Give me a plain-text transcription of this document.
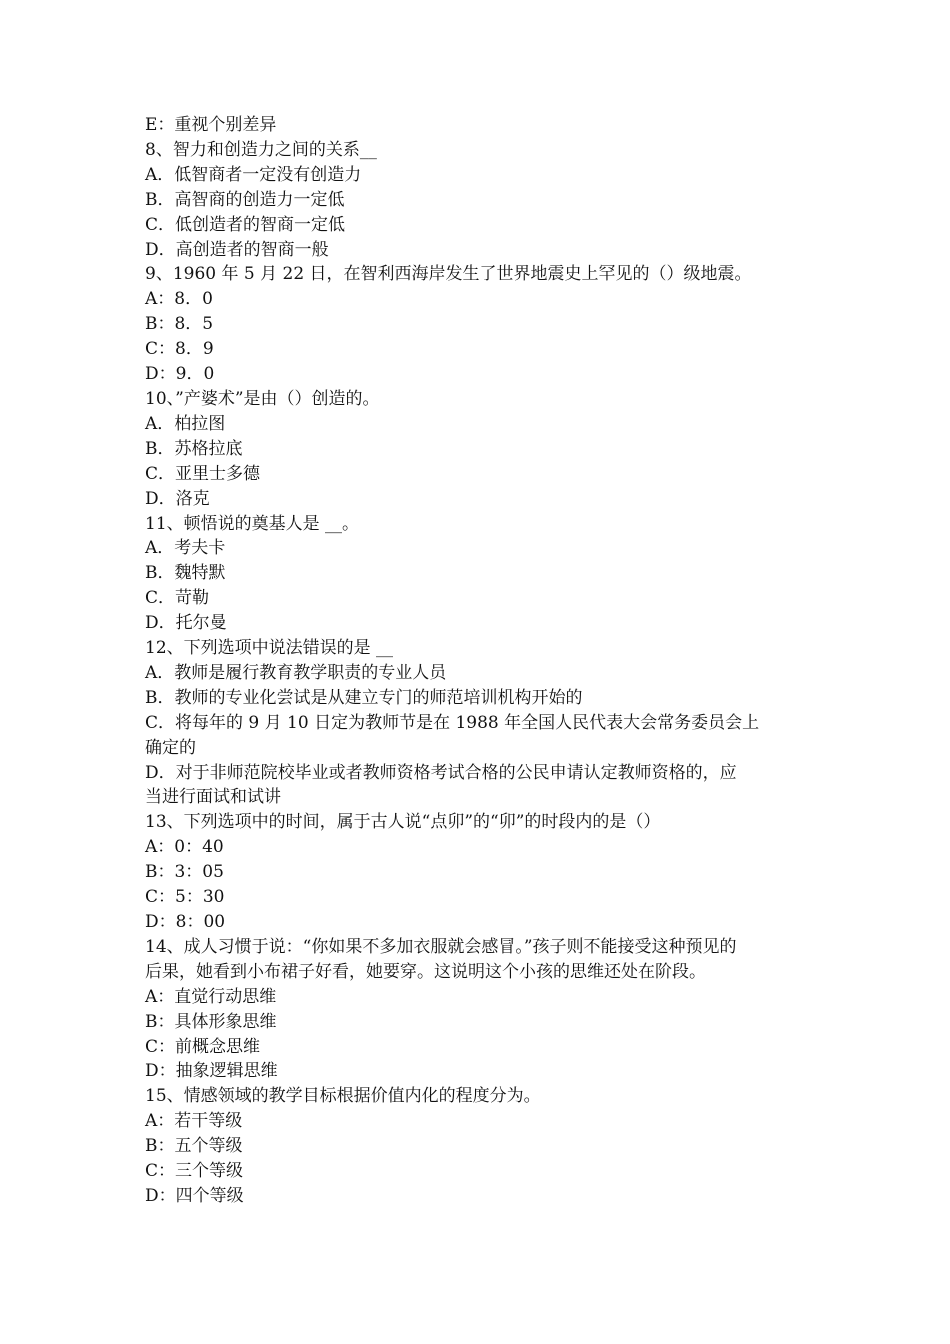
E：重视个别差异
8、智力和创造力之间的关系__
A．低智商者一定没有创造力
B．高智商的创造力一定低
C．低创造者的智商一定低
D．高创造者的智商一般
9、1960 年 5 月 22 日，在智利西海岸发生了世界地震史上罕见的（）级地震。
A：8．0
B：8．5
C：8．9
D：9．0
10、”产婆术”是由（）创造的。
A．柏拉图
B．苏格拉底
C．亚里士多德
D．洛克
11、顿悟说的奠基人是 __。
A．考夫卡
B．魏特默
C．苛勒
D．托尔曼
12、下列选项中说法错误的是 __
A．教师是履行教育教学职责的专业人员
B．教师的专业化尝试是从建立专门的师范培训机构开始的
C．将每年的 9 月 10 日定为教师节是在 1988 年全国人民代表大会常务委员会上
确定的
D．对于非师范院校毕业或者教师资格考试合格的公民申请认定教师资格的，应
当进行面试和试讲
13、下列选项中的时间，属于古人说“点卯”的“卯”的时段内的是（）
A：0：40
B：3：05
C：5：30
D：8：00
14、成人习惯于说：“你如果不多加衣服就会感冒。”孩子则不能接受这种预见的
后果，她看到小布裙子好看，她要穿。这说明这个小孩的思维还处在阶段。
A：直觉行动思维
B：具体形象思维
C：前概念思维
D：抽象逻辑思维
15、情感领域的教学目标根据价值内化的程度分为。
A：若干等级
B：五个等级
C：三个等级
D：四个等级
